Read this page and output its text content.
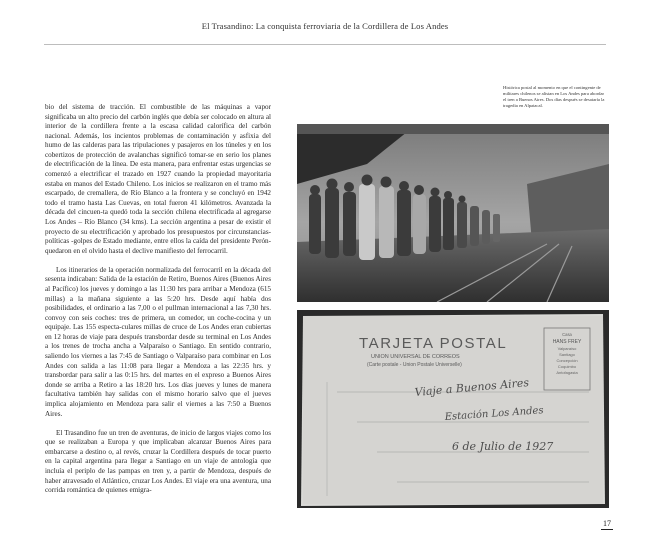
El Trasandino: La conquista ferroviaria de la Cordillera de Los Andes

bio del sistema de tracción. El combustible de las máquinas a vapor significaba un alto precio del carbón inglés que debía ser colocado en altura al interior de la cordillera frente a la escasa calidad calorífica del carbón nacional. Además, los incientos problemas de contaminación y asfixia del humo de las calderas para las tripulaciones y pasajeros en los túneles y en los cobertizos de protección de avalanchas significó tomar-se en serio los planes de electrificación de la línea. De esta manera, para enfrentar estas urgencias se comenzó a electrificar el trazado en 1927 cuando la propiedad mayoritaria estaba en manos del Estado Chileno. Los inicios se realizaron en el tramo más escarpado, de cremallera, de Río Blanco a la frontera y se concluyó en 1942 todo el tramo hasta Las Cuevas, en total fueron 41 kilómetros. Avanzada la década del cincuen-ta quedó toda la sección chilena electrificada al agregarse Los Andes – Río Blanco (34 kms). La sección argentina a pesar de existir el proyecto de su electrificación y aprobado los presupuestos por circunstancias-políticas -golpes de Estado mediante, entre ellos la caída del presidente Perón- quedaron en el olvido hasta el declive manifiesto del ferrocarril.

Los itinerarios de la operación normalizada del ferrocarril en la década del sesenta indicaban: Salida de la estación de Retiro, Buenos Aires (Buenos Aires al Pacífico) los jueves y domingo a las 11:30 hrs para arribar a Mendoza (615 millas) a la mañana siguiente a las 5:20 hrs. Desde aquí había dos posibilidades, el ordinario a las 7,00 o el pullman internacional a las 7,30 hrs. convoy con seis coches: tres de primera, un comedor, un coche-cocina y un equipaje. Las 155 especta-culares millas de cruce de Los Andes eran cubiertas en 12 horas de viaje para después transbordar desde su terminal en Los Andes a los trenes de trocha ancha a Valparaíso o Santiago. En sentido contrario, saliendo los viernes a las 7:45 de Santiago o Valparaíso para combinar en Los Andes con salida a las 11:08 para llegar a Mendoza a las 22:35 hrs. y transbordar para salir a las 0:15 hrs. del martes en el expreso a Buenos Aires donde se arriba a Retiro a las 18:20 hrs. Los días jueves y lunes de manera facultativa también hay salidas con el mismo horario salvo que el jueves implica alojamiento en Mendoza para salir el viernes a las 7:50 a Buenos Aires.

El Trasandino fue un tren de aventuras, de inicio de largos viajes como los que se realizaban a Europa y que implicaban alcanzar Buenos Aires para embarcarse a destino o, al revés, cruzar la Cordillera después de tocar puerto en la capital argentina para llegar a Santiago en un viaje de antología que incluía el periplo de las pampas en tren y, a partir de Mendoza, después de haber atravesado el Atlántico, cruzar Los Andes. El viaje era una aventura, una corrida romántica de quienes emigra-

Histórica postal al momento en que el contingente de militares chilenos se alistan en Los Andes para abordar el tren a Buenos Aires. Dos días después se desataría la tragedia en Alpatacal.
TARJETA POSTAL
UNION UNIVERSAL DE CORREOS
(Carte postale - Union Postale Universelle)
Casa
HANS FREY
Valparaíso
Santiago
Concepción
Coquimbo
Antofagasta
Viaje a Buenos Aires
Estación Los Andes
6 de Julio de 1927
17
